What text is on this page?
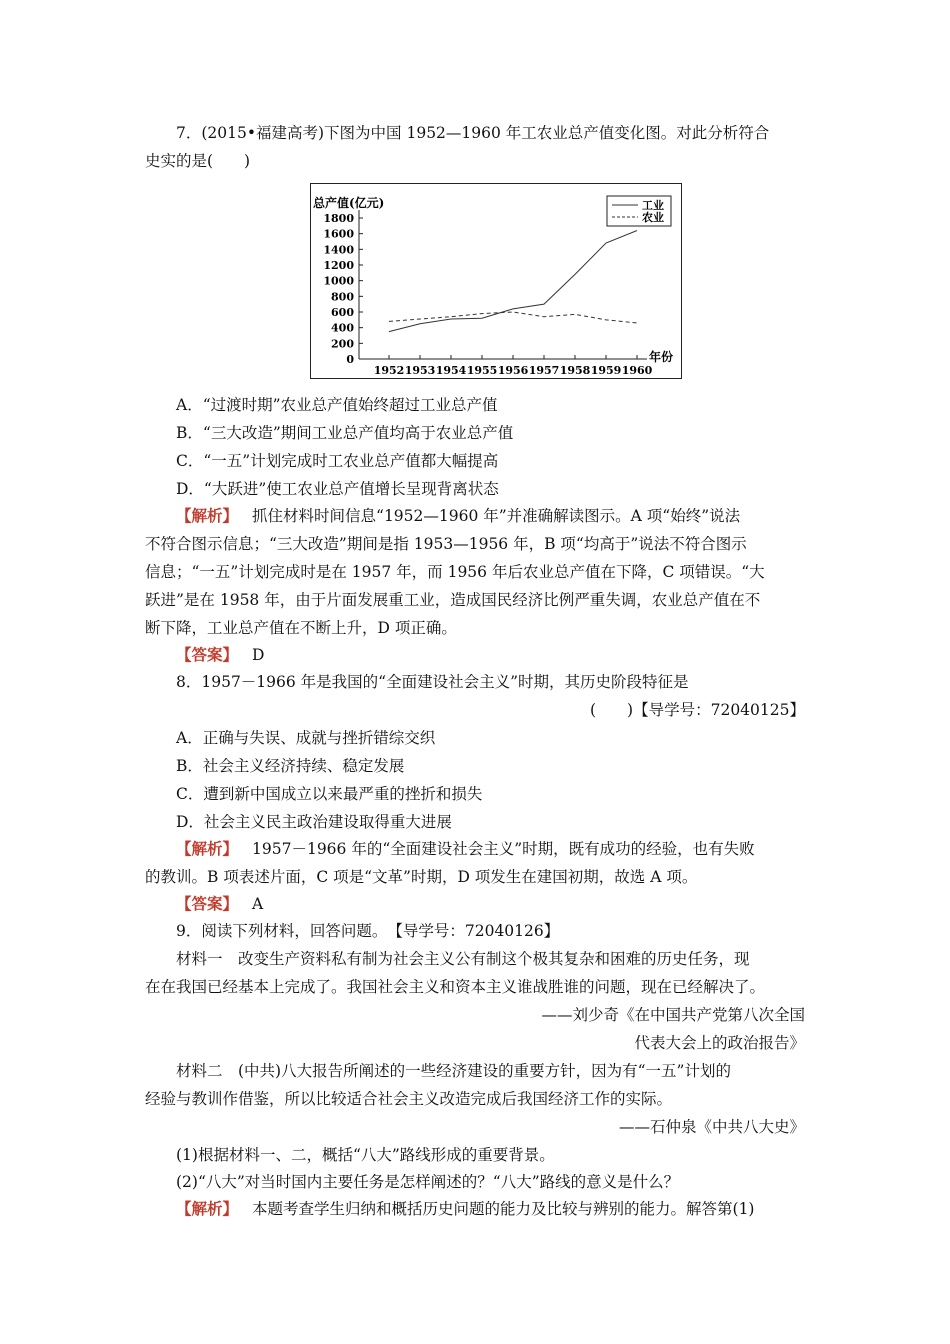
7．(2015•福建高考)下图为中国 1952—1960 年工农业总产值变化图。对此分析符合
史实的是(　　)
0
200
400
600
800
1000
1200
1400
1600
1800
1952 1953 1954 1955 1956 1957 1958 1959 1960
总产值(亿元)
年份
工业
农业
A．“过渡时期”农业总产值始终超过工业总产值
B．“三大改造”期间工业总产值均高于农业总产值
C．“一五”计划完成时工农业总产值都大幅提高
D．“大跃进”使工农业总产值增长呈现背离状态
【解析】 抓住材料时间信息“1952—1960 年”并准确解读图示。A 项“始终”说法
不符合图示信息；“三大改造”期间是指 1953—1956 年，B 项“均高于”说法不符合图示
信息；“一五”计划完成时是在 1957 年，而 1956 年后农业总产值在下降，C 项错误。“大
跃进”是在 1958 年，由于片面发展重工业，造成国民经济比例严重失调，农业总产值在不
断下降，工业总产值在不断上升，D 项正确。
【答案】 D
8．1957－1966 年是我国的“全面建设社会主义”时期，其历史阶段特征是
(　　)【导学号：72040125】
A．正确与失误、成就与挫折错综交织
B．社会主义经济持续、稳定发展
C．遭到新中国成立以来最严重的挫折和损失
D．社会主义民主政治建设取得重大进展
【解析】 1957－1966 年的“全面建设社会主义”时期，既有成功的经验，也有失败
的教训。B 项表述片面，C 项是“文革”时期，D 项发生在建国初期，故选 A 项。
【答案】 A
9．阅读下列材料，回答问题。　【导学号：72040126】
材料一　改变生产资料私有制为社会主义公有制这个极其复杂和困难的历史任务，现
在在我国已经基本上完成了。我国社会主义和资本主义谁战胜谁的问题，现在已经解决了。
——刘少奇《在中国共产党第八次全国
代表大会上的政治报告》
材料二　(中共)八大报告所阐述的一些经济建设的重要方针，因为有“一五”计划的
经验与教训作借鉴，所以比较适合社会主义改造完成后我国经济工作的实际。
——石仲泉《中共八大史》
(1)根据材料一、二，概括“八大”路线形成的重要背景。
(2)“八大”对当时国内主要任务是怎样阐述的？“八大”路线的意义是什么？
【解析】 本题考查学生归纳和概括历史问题的能力及比较与辨别的能力。解答第(1)
